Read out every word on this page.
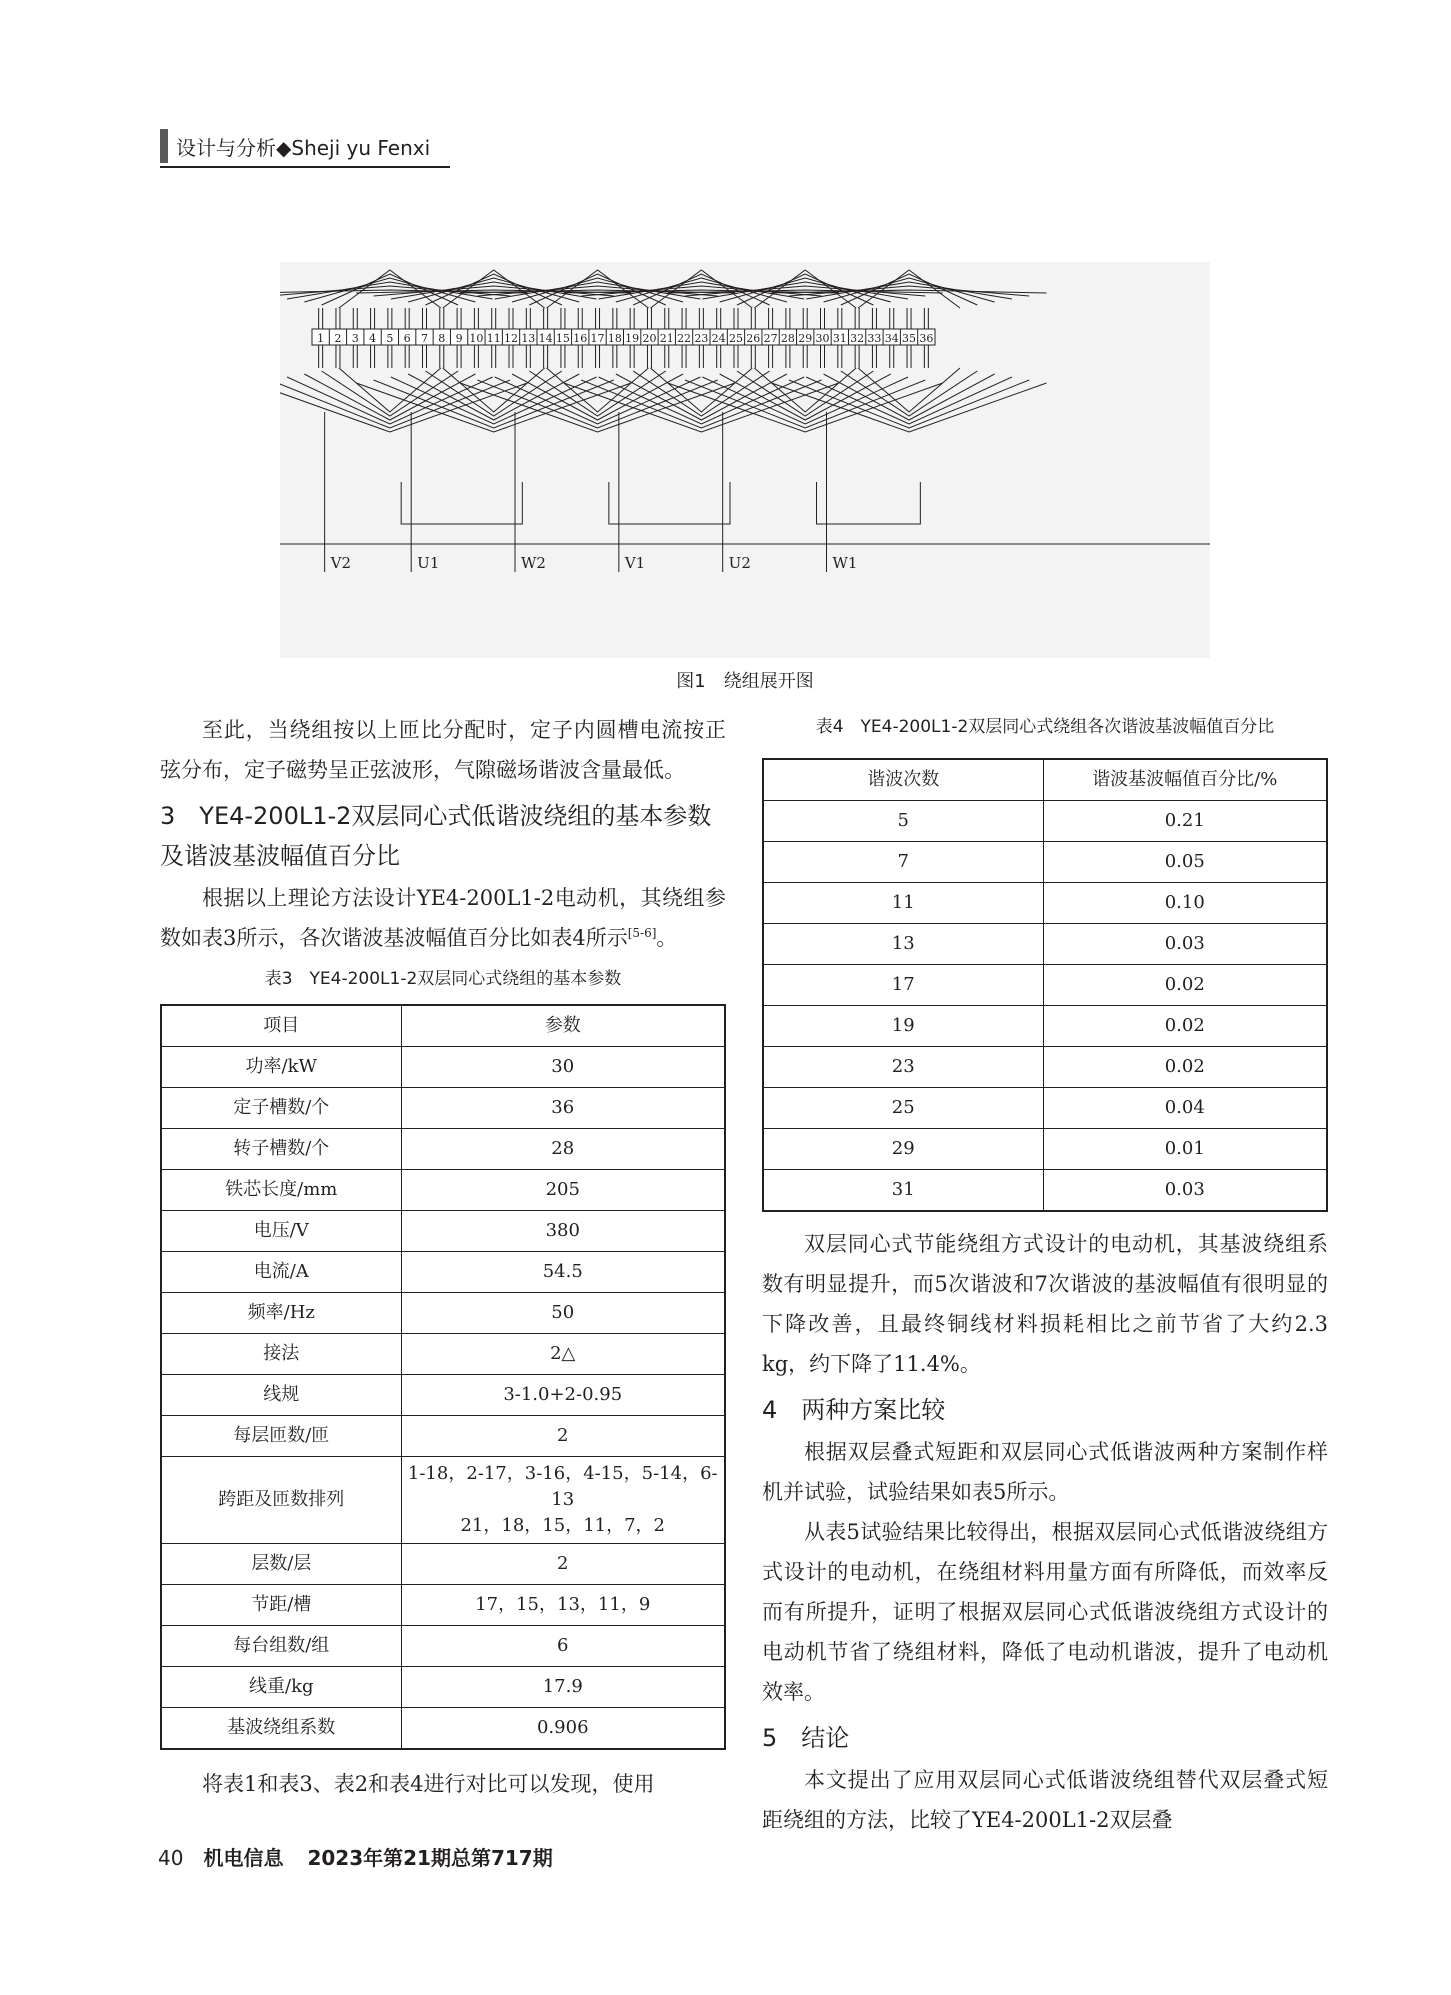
设计与分析◆Sheji yu Fenxi
1 2 3 4 5 6 7 8 9 10 11 12 13 14 15 16 17 18 19 20 21 22 23 24 25 26 27 28 29 30 31 32 33 34 35 36
V2	U1	W2	V1	U2	W1
图1　绕组展开图

至此，当绕组按以上匝比分配时，定子内圆槽电流按正弦分布，定子磁势呈正弦波形，气隙磁场谐波含量最低。

3 YE4-200L1-2双层同心式低谐波绕组的基本参数及谐波基波幅值百分比

根据以上理论方法设计YE4-200L1-2电动机，其绕组参数如表3所示，各次谐波基波幅值百分比如表4所示[5-6]。

表3　YE4-200L1-2双层同心式绕组的基本参数
项目	参数
功率/kW	30
定子槽数/个	36
转子槽数/个	28
铁芯长度/mm	205
电压/V	380
电流/A	54.5
频率/Hz	50
接法	2△
线规	3-1.0+2-0.95
每层匝数/匝	2
跨距及匝数排列	1-18，2-17，3-16，4-15，5-14，6-13
21，18，15，11，7，2
层数/层	2
节距/槽	17，15，13，11，9
每台组数/组	6
线重/kg	17.9
基波绕组系数	0.906

将表1和表3、表2和表4进行对比可以发现，使用

表4　YE4-200L1-2双层同心式绕组各次谐波基波幅值百分比
谐波次数	谐波基波幅值百分比/%
5	0.21
7	0.05
11	0.10
13	0.03
17	0.02
19	0.02
23	0.02
25	0.04
29	0.01
31	0.03

双层同心式节能绕组方式设计的电动机，其基波绕组系数有明显提升，而5次谐波和7次谐波的基波幅值有很明显的下降改善，且最终铜线材料损耗相比之前节省了大约2.3 kg，约下降了11.4%。

4 两种方案比较

根据双层叠式短距和双层同心式低谐波两种方案制作样机并试验，试验结果如表5所示。

从表5试验结果比较得出，根据双层同心式低谐波绕组方式设计的电动机，在绕组材料用量方面有所降低，而效率反而有所提升，证明了根据双层同心式低谐波绕组方式设计的电动机节省了绕组材料，降低了电动机谐波，提升了电动机效率。

5 结论

本文提出了应用双层同心式低谐波绕组替代双层叠式短距绕组的方法，比较了YE4-200L1-2双层叠

40 机电信息 2023年第21期总第717期
